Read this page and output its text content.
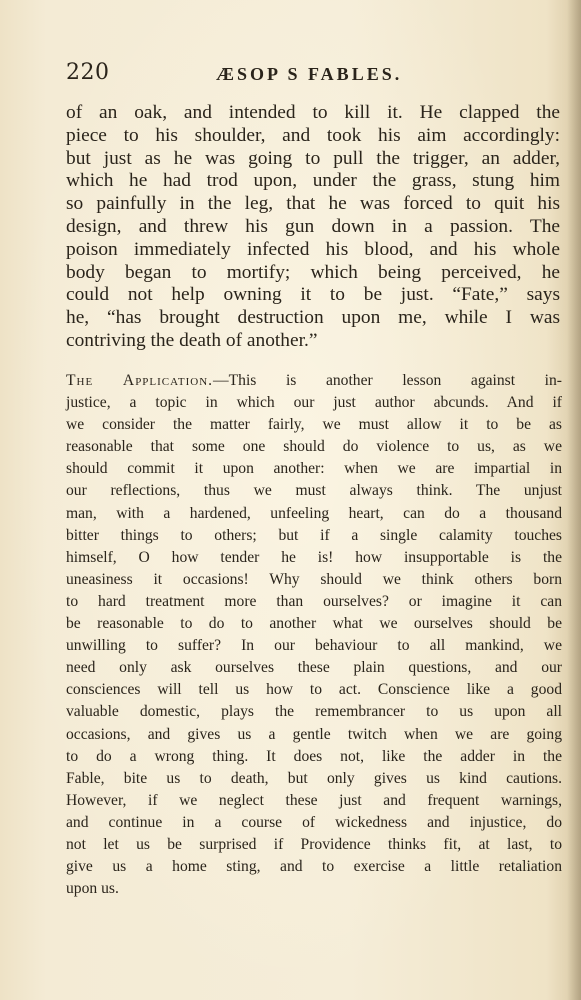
220	ÆSOP S FABLES.
of an oak, and intended to kill it. He clapped the
piece to his shoulder, and took his aim accordingly:
but just as he was going to pull the trigger, an adder,
which he had trod upon, under the grass, stung him
so painfully in the leg, that he was forced to quit his
design, and threw his gun down in a passion. The
poison immediately infected his blood, and his whole
body began to mortify; which being perceived, he
could not help owning it to be just. “Fate,” says
he, “has brought destruction upon me, while I was
contriving the death of another.”
The Application.—This is another lesson against in-
justice, a topic in which our just author abcunds. And if
we consider the matter fairly, we must allow it to be as
reasonable that some one should do violence to us, as we
should commit it upon another: when we are impartial in
our reflections, thus we must always think. The unjust
man, with a hardened, unfeeling heart, can do a thousand
bitter things to others; but if a single calamity touches
himself, O how tender he is! how insupportable is the
uneasiness it occasions! Why should we think others born
to hard treatment more than ourselves? or imagine it can
be reasonable to do to another what we ourselves should be
unwilling to suffer? In our behaviour to all mankind, we
need only ask ourselves these plain questions, and our
consciences will tell us how to act. Conscience like a good
valuable domestic, plays the remembrancer to us upon all
occasions, and gives us a gentle twitch when we are going
to do a wrong thing. It does not, like the adder in the
Fable, bite us to death, but only gives us kind cautions.
However, if we neglect these just and frequent warnings,
and continue in a course of wickedness and injustice, do
not let us be surprised if Providence thinks fit, at last, to
give us a home sting, and to exercise a little retaliation
upon us.
